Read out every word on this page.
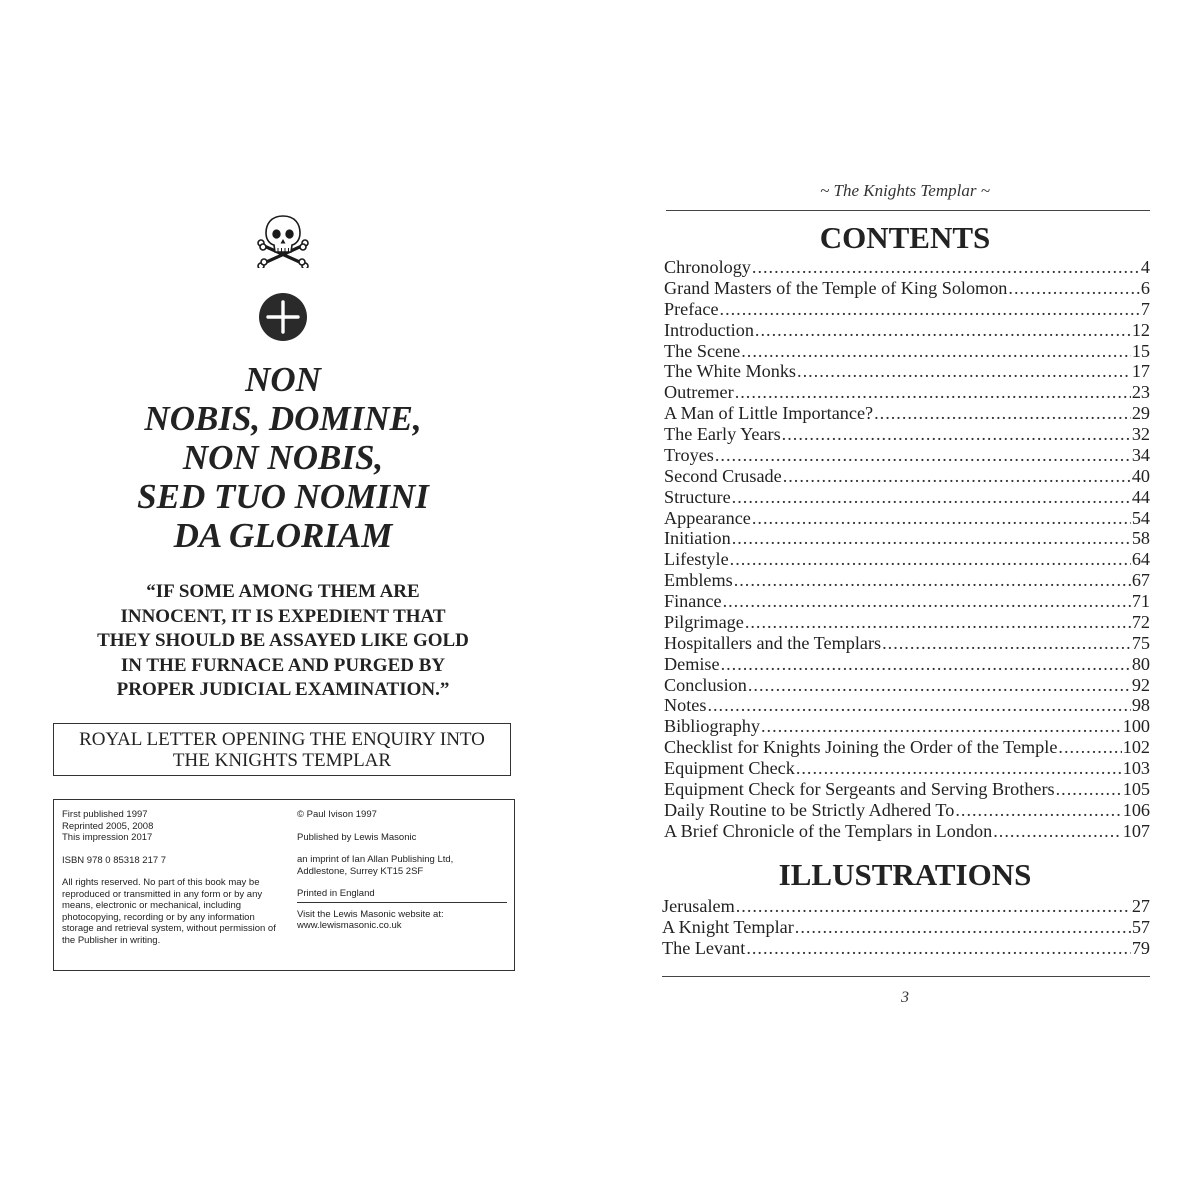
NON
NOBIS, DOMINE,
NON NOBIS,
SED TUO NOMINI
DA GLORIAM
“IF SOME AMONG THEM ARE
INNOCENT, IT IS EXPEDIENT THAT
THEY SHOULD BE ASSAYED LIKE GOLD
IN THE FURNACE AND PURGED BY
PROPER JUDICIAL EXAMINATION.”
ROYAL LETTER OPENING THE ENQUIRY INTO
THE KNIGHTS TEMPLAR
First published 1997
Reprinted 2005, 2008
This impression 2017
ISBN 978 0 85318 217 7
All rights reserved. No part of this book may be
reproduced or transmitted in any form or by any
means, electronic or mechanical, including
photocopying, recording or by any information
storage and retrieval system, without permission of
the Publisher in writing.
© Paul Ivison 1997
Published by Lewis Masonic
an imprint of Ian Allan Publishing Ltd,
Addlestone, Surrey KT15 2SF
Printed in England
Visit the Lewis Masonic website at:
www.lewismasonic.co.uk
~ The Knights Templar ~
CONTENTS
Chronology .....	4
Grand Masters of the Temple of King Solomon .....	6
Preface .....	7
Introduction .....	12
The Scene .....	15
The White Monks .....	17
Outremer .....	23
A Man of Little Importance? .....	29
The Early Years .....	32
Troyes .....	34
Second Crusade .....	40
Structure .....	44
Appearance .....	54
Initiation .....	58
Lifestyle .....	64
Emblems .....	67
Finance .....	71
Pilgrimage .....	72
Hospitallers and the Templars .....	75
Demise .....	80
Conclusion .....	92
Notes .....	98
Bibliography .....	100
Checklist for Knights Joining the Order of the Temple .....	102
Equipment Check .....	103
Equipment Check for Sergeants and Serving Brothers .....	105
Daily Routine to be Strictly Adhered To .....	106
A Brief Chronicle of the Templars in London .....	107
ILLUSTRATIONS
Jerusalem .....	27
A Knight Templar .....	57
The Levant .....	79
3
